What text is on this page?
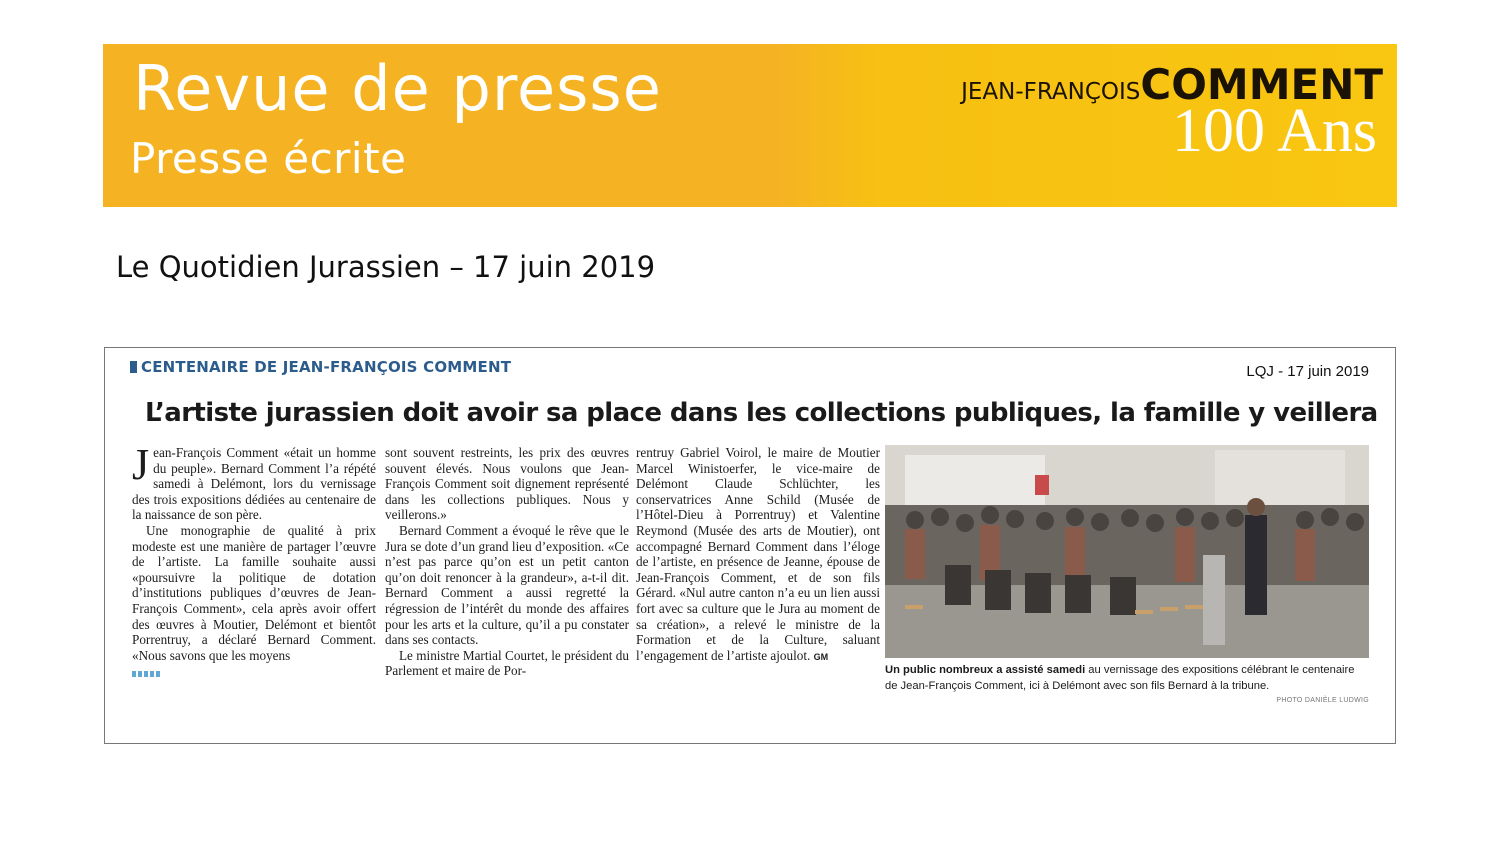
Revue de presse
Presse écrite
JEAN-FRANÇOISCOMMENT
100 Ans
Le Quotidien Jurassien – 17 juin 2019
CENTENAIRE DE JEAN-FRANÇOIS COMMENT	LQJ - 17 juin 2019
L’artiste jurassien doit avoir sa place dans les collections publiques, la famille y veillera

Jean-François Comment «était un homme du peuple». Bernard Comment l’a répété samedi à Delémont, lors du vernissage des trois expositions dédiées au centenaire de la naissance de son père.

Une monographie de qualité à prix modeste est une manière de partager l’œuvre de l’artiste. La famille souhaite aussi «poursuivre la politique de dotation d’institutions publiques d’œuvres de Jean-François Comment», cela après avoir offert des œuvres à Moutier, Delémont et bientôt Porrentruy, a déclaré Bernard Comment. «Nous savons que les moyens

sont souvent restreints, les prix des œuvres souvent élevés. Nous voulons que Jean-François Comment soit dignement représenté dans les collections publiques. Nous y veillerons.»

Bernard Comment a évoqué le rêve que le Jura se dote d’un grand lieu d’exposition. «Ce n’est pas parce qu’on est un petit canton qu’on doit renoncer à la grandeur», a-t-il dit. Bernard Comment a aussi regretté la régression de l’intérêt du monde des affaires pour les arts et la culture, qu’il a pu constater dans ses contacts.

Le ministre Martial Courtet, le président du Parlement et maire de Por-

rentruy Gabriel Voirol, le maire de Moutier Marcel Winistoerfer, le vice-maire de Delémont Claude Schlüchter, les conservatrices Anne Schild (Musée de l’Hôtel-Dieu à Porrentruy) et Valentine Reymond (Musée des arts de Moutier), ont accompagné Bernard Comment dans l’éloge de l’artiste, en présence de Jeanne, épouse de Jean-François Comment, et de son fils Gérard. «Nul autre canton n’a eu un lien aussi fort avec sa culture que le Jura au moment de sa création», a relevé le ministre de la Formation et de la Culture, saluant l’engagement de l’artiste ajoulot. GM

Un public nombreux a assisté samedi au vernissage des expositions célébrant le centenaire de Jean-François Comment, ici à Delémont avec son fils Bernard à la tribune.
PHOTO DANIÈLE LUDWIG
